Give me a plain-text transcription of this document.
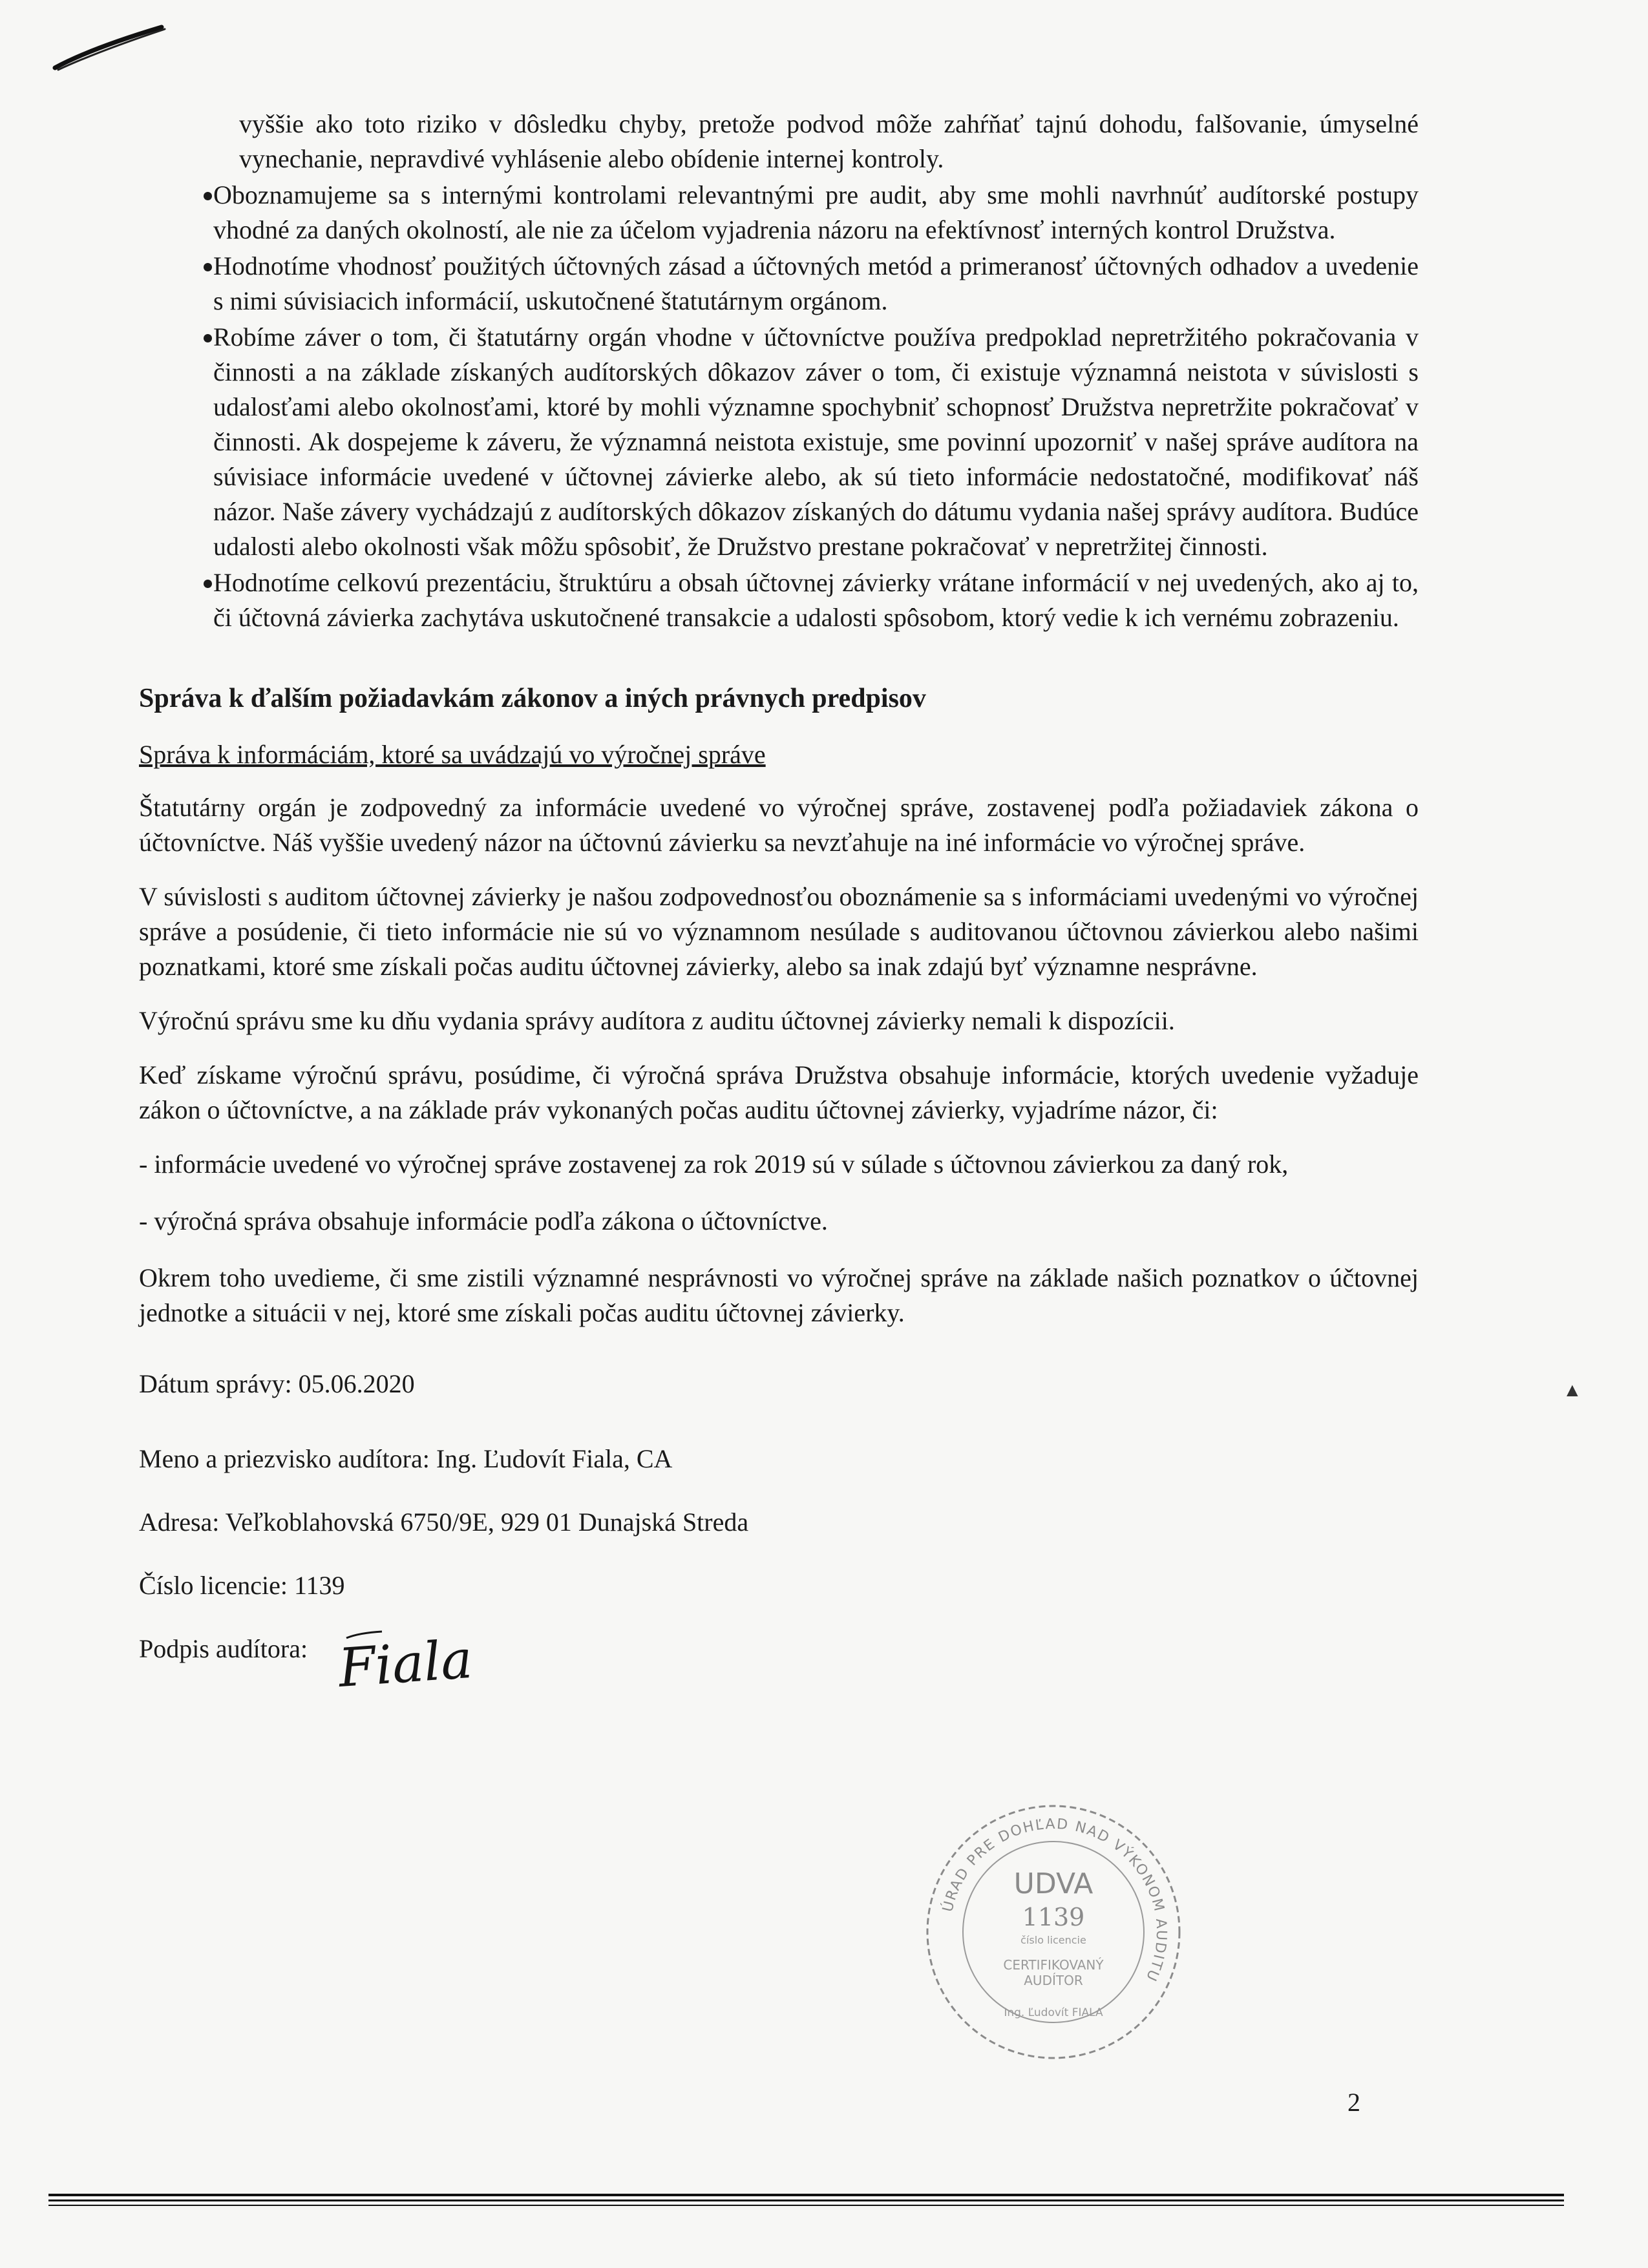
vyššie ako toto riziko v dôsledku chyby, pretože podvod môže zahŕňať tajnú dohodu, falšovanie, úmyselné vynechanie, nepravdivé vyhlásenie alebo obídenie internej kontroly.
Oboznamujeme sa s internými kontrolami relevantnými pre audit, aby sme mohli navrhnúť audítorské postupy vhodné za daných okolností, ale nie za účelom vyjadrenia názoru na efektívnosť interných kontrol Družstva.
Hodnotíme vhodnosť použitých účtovných zásad a účtovných metód a primeranosť účtovných odhadov a uvedenie s nimi súvisiacich informácií, uskutočnené štatutárnym orgánom.
Robíme záver o tom, či štatutárny orgán vhodne v účtovníctve používa predpoklad nepretržitého pokračovania v činnosti a na základe získaných audítorských dôkazov záver o tom, či existuje významná neistota v súvislosti s udalosťami alebo okolnosťami, ktoré by mohli významne spochybniť schopnosť Družstva nepretržite pokračovať v činnosti. Ak dospejeme k záveru, že významná neistota existuje, sme povinní upozorniť v našej správe audítora na súvisiace informácie uvedené v účtovnej závierke alebo, ak sú tieto informácie nedostatočné, modifikovať náš názor. Naše závery vychádzajú z audítorských dôkazov získaných do dátumu vydania našej správy audítora. Budúce udalosti alebo okolnosti však môžu spôsobiť, že Družstvo prestane pokračovať v nepretržitej činnosti.
Hodnotíme celkovú prezentáciu, štruktúru a obsah účtovnej závierky vrátane informácií v nej uvedených, ako aj to, či účtovná závierka zachytáva uskutočnené transakcie a udalosti spôsobom, ktorý vedie k ich vernému zobrazeniu.
Správa k ďalším požiadavkám zákonov a iných právnych predpisov
Správa k informáciám, ktoré sa uvádzajú vo výročnej správe

Štatutárny orgán je zodpovedný za informácie uvedené vo výročnej správe, zostavenej podľa požiadaviek zákona o účtovníctve. Náš vyššie uvedený názor na účtovnú závierku sa nevzťahuje na iné informácie vo výročnej správe.

V súvislosti s auditom účtovnej závierky je našou zodpovednosťou oboznámenie sa s informáciami uvedenými vo výročnej správe a posúdenie, či tieto informácie nie sú vo významnom nesúlade s auditovanou účtovnou závierkou alebo našimi poznatkami, ktoré sme získali počas auditu účtovnej závierky, alebo sa inak zdajú byť významne nesprávne.

Výročnú správu sme ku dňu vydania správy audítora z auditu účtovnej závierky nemali k dispozícii.

Keď získame výročnú správu, posúdime, či výročná správa Družstva obsahuje informácie, ktorých uvedenie vyžaduje zákon o účtovníctve, a na základe práv vykonaných počas auditu účtovnej závierky, vyjadríme názor, či:

- informácie uvedené vo výročnej správe zostavenej za rok 2019 sú v súlade s účtovnou závierkou za daný rok,

- výročná správa obsahuje informácie podľa zákona o účtovníctve.

Okrem toho uvedieme, či sme zistili významné nesprávnosti vo výročnej správe na základe našich poznatkov o účtovnej jednotke a situácii v nej, ktoré sme získali počas auditu účtovnej závierky.

Dátum správy: 05.06.2020

Meno a priezvisko audítora: Ing. Ľudovít Fiala, CA

Adresa: Veľkoblahovská 6750/9E, 929 01 Dunajská Streda

Číslo licencie: 1139

Podpis audítora: Fiala
ÚRAD PRE DOHĽAD NAD VÝKONOM AUDITU
UDVA
1139
číslo licencie
CERTIFIKOVANÝ
AUDÍTOR
Ing. Ľudovít FIALA
▲
2
